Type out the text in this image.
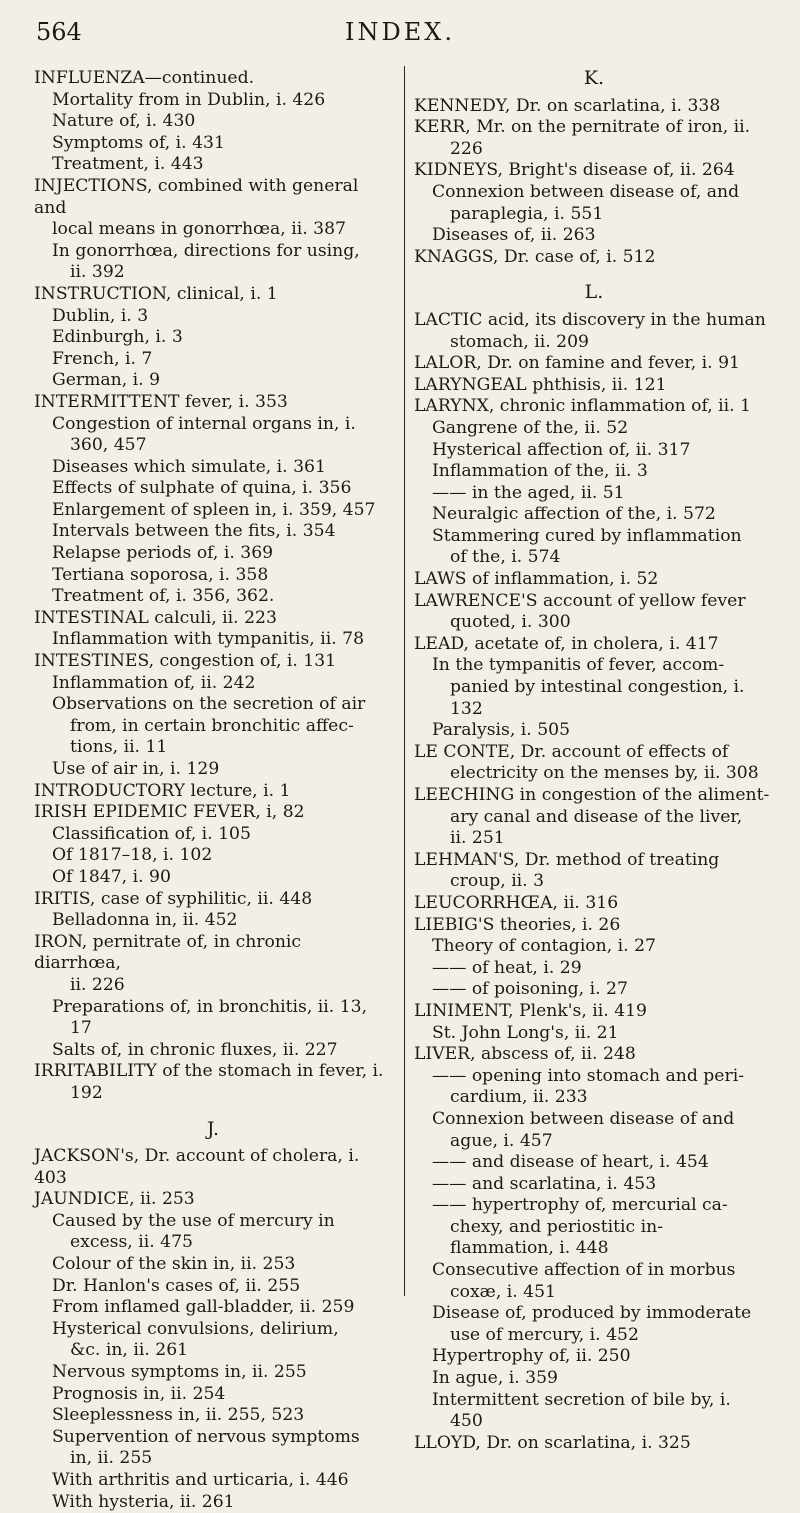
564	INDEX.

INFLUENZA—continued.

Mortality from in Dublin, i. 426

Nature of, i. 430

Symptoms of, i. 431

Treatment, i. 443

INJECTIONS, combined with general and

local means in gonorrhœa, ii. 387

In gonorrhœa, directions for using,

ii. 392

INSTRUCTION, clinical, i. 1

Dublin, i. 3

Edinburgh, i. 3

French, i. 7

German, i. 9

INTERMITTENT fever, i. 353

Congestion of internal organs in, i.

360, 457

Diseases which simulate, i. 361

Effects of sulphate of quina, i. 356

Enlargement of spleen in, i. 359, 457

Intervals between the fits, i. 354

Relapse periods of, i. 369

Tertiana soporosa, i. 358

Treatment of, i. 356, 362.

INTESTINAL calculi, ii. 223

Inflammation with tympanitis, ii. 78

INTESTINES, congestion of, i. 131

Inflammation of, ii. 242

Observations on the secretion of air

from, in certain bronchitic affec-

tions, ii. 11

Use of air in, i. 129

INTRODUCTORY lecture, i. 1

IRISH EPIDEMIC FEVER, i, 82

Classification of, i. 105

Of 1817–18, i. 102

Of 1847, i. 90

IRITIS, case of syphilitic, ii. 448

Belladonna in, ii. 452

IRON, pernitrate of, in chronic diarrhœa,

ii. 226

Preparations of, in bronchitis, ii. 13,

17

Salts of, in chronic fluxes, ii. 227

IRRITABILITY of the stomach in fever, i.

192

J.

JACKSON's, Dr. account of cholera, i. 403

JAUNDICE, ii. 253

Caused by the use of mercury in

excess, ii. 475

Colour of the skin in, ii. 253

Dr. Hanlon's cases of, ii. 255

From inflamed gall-bladder, ii. 259

Hysterical convulsions, delirium,

&c. in, ii. 261

Nervous symptoms in, ii. 255

Prognosis in, ii. 254

Sleeplessness in, ii. 255, 523

Supervention of nervous symptoms

in, ii. 255

With arthritis and urticaria, i. 446

With hysteria, ii. 261

K.

KENNEDY, Dr. on scarlatina, i. 338

KERR, Mr. on the pernitrate of iron, ii.

226

KIDNEYS, Bright's disease of, ii. 264

Connexion between disease of, and

paraplegia, i. 551

Diseases of, ii. 263

KNAGGS, Dr. case of, i. 512

L.

LACTIC acid, its discovery in the human

stomach, ii. 209

LALOR, Dr. on famine and fever, i. 91

LARYNGEAL phthisis, ii. 121

LARYNX, chronic inflammation of, ii. 1

Gangrene of the, ii. 52

Hysterical affection of, ii. 317

Inflammation of the, ii. 3

—— in the aged, ii. 51

Neuralgic affection of the, i. 572

Stammering cured by inflammation

of the, i. 574

LAWS of inflammation, i. 52

LAWRENCE'S account of yellow fever

quoted, i. 300

LEAD, acetate of, in cholera, i. 417

In the tympanitis of fever, accom-

panied by intestinal congestion, i.

132

Paralysis, i. 505

LE CONTE, Dr. account of effects of

electricity on the menses by, ii. 308

LEECHING in congestion of the aliment-

ary canal and disease of the liver,

ii. 251

LEHMAN'S, Dr. method of treating

croup, ii. 3

LEUCORRHŒA, ii. 316

LIEBIG'S theories, i. 26

Theory of contagion, i. 27

—— of heat, i. 29

—— of poisoning, i. 27

LINIMENT, Plenk's, ii. 419

St. John Long's, ii. 21

LIVER, abscess of, ii. 248

—— opening into stomach and peri-

cardium, ii. 233

Connexion between disease of and

ague, i. 457

—— and disease of heart, i. 454

—— and scarlatina, i. 453

—— hypertrophy of, mercurial ca-

chexy, and periostitic in-

flammation, i. 448

Consecutive affection of in morbus

coxæ, i. 451

Disease of, produced by immoderate

use of mercury, i. 452

Hypertrophy of, ii. 250

In ague, i. 359

Intermittent secretion of bile by, i.

450

LLOYD, Dr. on scarlatina, i. 325
